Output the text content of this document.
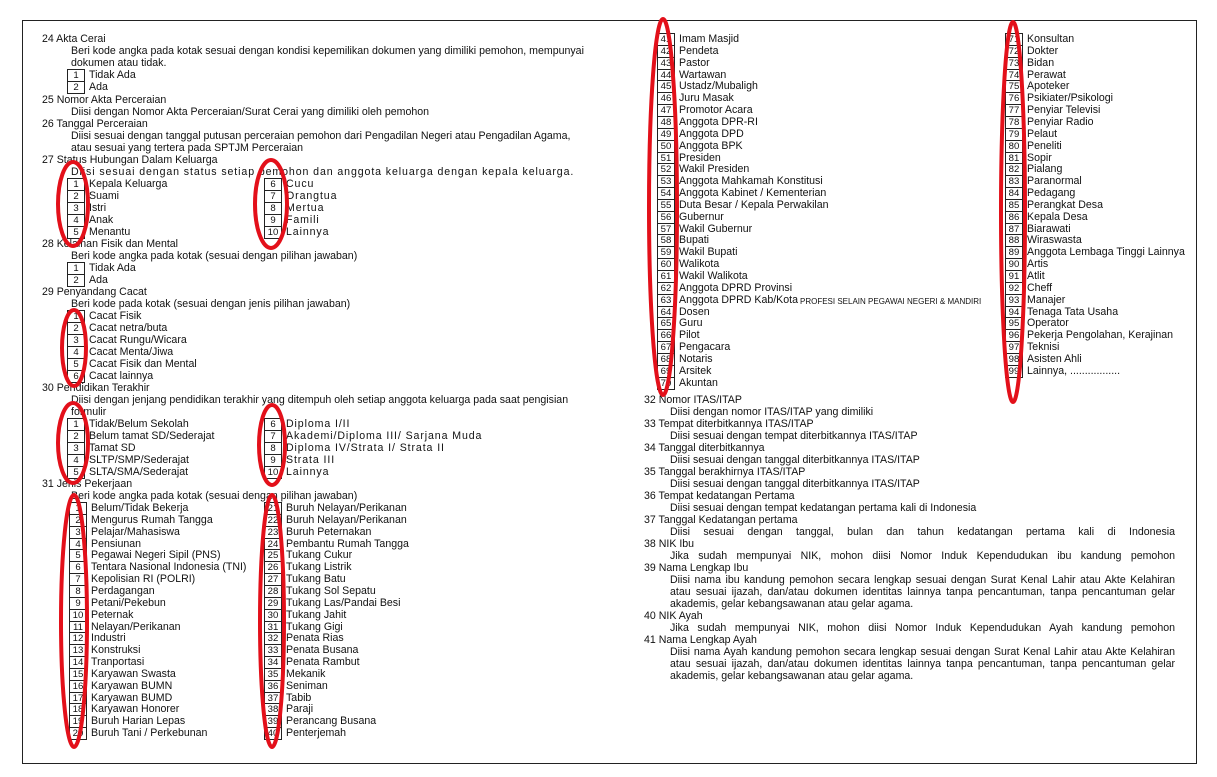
24 Akta Cerai
Beri kode angka pada kotak sesuai dengan kondisi kepemilikan dokumen yang dimiliki pemohon, mempunyai
dokumen atau tidak.
1 Tidak Ada
2 Ada
25 Nomor Akta Perceraian
Diisi dengan Nomor Akta Perceraian/Surat Cerai yang dimiliki oleh pemohon
26 Tanggal Perceraian
Diisi sesuai dengan tanggal putusan perceraian pemohon dari Pengadilan Negeri atau Pengadilan Agama,
atau sesuai yang tertera pada SPTJM Perceraian
27 Status Hubungan Dalam Keluarga
Diisi sesuai dengan status setiap pemohon dan anggota keluarga dengan kepala keluarga.
1 Kepala Keluarga
2 Suami
3 Istri
4 Anak
5 Menantu
6 Cucu
7 Orangtua
8 Mertua
9 Famili
10 Lainnya
28 Kelainan Fisik dan Mental
Beri kode angka pada kotak (sesuai dengan pilihan jawaban)
1 Tidak Ada
2 Ada
29 Penyandang Cacat
Beri kode pada kotak (sesuai dengan jenis pilihan jawaban)
1 Cacat Fisik
2 Cacat netra/buta
3 Cacat Rungu/Wicara
4 Cacat Menta/Jiwa
5 Cacat Fisik dan Mental
6 Cacat lainnya
30 Pendidikan Terakhir
Diisi dengan jenjang pendidikan terakhir yang ditempuh oleh setiap anggota keluarga pada saat pengisian
formulir
1 Tidak/Belum Sekolah
2 Belum tamat SD/Sederajat
3 Tamat SD
4 SLTP/SMP/Sederajat
5 SLTA/SMA/Sederajat
6 Diploma I/II
7 Akademi/Diploma III/ Sarjana Muda
8 Diploma IV/Strata I/ Strata II
9 Strata III
10 Lainnya
31 Jenis Pekerjaan
Beri kode angka pada kotak (sesuai dengan pilihan jawaban)
1 Belum/Tidak Bekerja
2 Mengurus Rumah Tangga
3 Pelajar/Mahasiswa
4 Pensiunan
5 Pegawai Negeri Sipil (PNS)
6 Tentara Nasional Indonesia (TNI)
7 Kepolisian RI (POLRI)
8 Perdagangan
9 Petani/Pekebun
10 Peternak
11 Nelayan/Perikanan
12 Industri
13 Konstruksi
14 Tranportasi
15 Karyawan Swasta
16 Karyawan BUMN
17 Karyawan BUMD
18 Karyawan Honorer
19 Buruh Harian Lepas
20 Buruh Tani / Perkebunan
21 Buruh Nelayan/Perikanan
22 Buruh Nelayan/Perikanan
23 Buruh Peternakan
24 Pembantu Rumah Tangga
25 Tukang Cukur
26 Tukang Listrik
27 Tukang Batu
28 Tukang Sol Sepatu
29 Tukang Las/Pandai Besi
30 Tukang Jahit
31 Tukang Gigi
32 Penata Rias
33 Penata Busana
34 Penata Rambut
35 Mekanik
36 Seniman
37 Tabib
38 Paraji
39 Perancang Busana
40 Penterjemah
41 Imam Masjid
42 Pendeta
43 Pastor
44 Wartawan
45 Ustadz/Mubaligh
46 Juru Masak
47 Promotor Acara
48 Anggota DPR-RI
49 Anggota DPD
50 Anggota BPK
51 Presiden
52 Wakil Presiden
53 Anggota Mahkamah Konstitusi
54 Anggota Kabinet / Kementerian
55 Duta Besar / Kepala Perwakilan
56 Gubernur
57 Wakil Gubernur
58 Bupati
59 Wakil Bupati
60 Walikota
61 Wakil Walikota
62 Anggota DPRD Provinsi
63 Anggota DPRD Kab/Kota
64 Dosen
65 Guru
66 Pilot
67 Pengacara
68 Notaris
69 Arsitek
70 Akuntan
PROFESI SELAIN PEGAWAI NEGERI & MANDIRI
71 Konsultan
72 Dokter
73 Bidan
74 Perawat
75 Apoteker
76 Psikiater/Psikologi
77 Penyiar Televisi
78 Penyiar Radio
79 Pelaut
80 Peneliti
81 Sopir
82 Pialang
83 Paranormal
84 Pedagang
85 Perangkat Desa
86 Kepala Desa
87 Biarawati
88 Wiraswasta
89 Anggota Lembaga Tinggi Lainnya
90 Artis
91 Atlit
92 Cheff
93 Manajer
94 Tenaga Tata Usaha
95 Operator
96 Pekerja Pengolahan, Kerajinan
97 Teknisi
98 Asisten Ahli
99 Lainnya, .................
32 Nomor ITAS/ITAP
Diisi dengan nomor ITAS/ITAP yang dimiliki
33 Tempat diterbitkannya ITAS/ITAP
Diisi sesuai dengan tempat diterbitkannya ITAS/ITAP
34 Tanggal diterbitkannya
Diisi sesuai dengan tanggal diterbitkannya ITAS/ITAP
35 Tanggal berakhirnya ITAS/ITAP
Diisi sesuai dengan tanggal diterbitkannya ITAS/ITAP
36 Tempat kedatangan Pertama
Diisi sesuai dengan tempat kedatangan pertama kali di Indonesia
37 Tanggal Kedatangan pertama
Diisi sesuai dengan tanggal, bulan dan tahun kedatangan pertama kali di Indonesia
38 NIK Ibu
Jika sudah mempunyai NIK, mohon diisi Nomor Induk Kependudukan ibu kandung pemohon
39 Nama Lengkap Ibu
Diisi nama ibu kandung pemohon secara lengkap sesuai dengan Surat Kenal Lahir atau Akte Kelahiran
atau sesuai ijazah, dan/atau dokumen identitas lainnya tanpa pencantuman, tanpa pencantuman gelar
akademis, gelar kebangsawanan atau gelar agama.
40 NIK Ayah
Jika sudah mempunyai NIK, mohon diisi Nomor Induk Kependudukan Ayah kandung pemohon
41 Nama Lengkap Ayah
Diisi nama Ayah kandung pemohon secara lengkap sesuai dengan Surat Kenal Lahir atau Akte Kelahiran
atau sesuai ijazah, dan/atau dokumen identitas lainnya tanpa pencantuman, tanpa pencantuman gelar
akademis, gelar kebangsawanan atau gelar agama.
